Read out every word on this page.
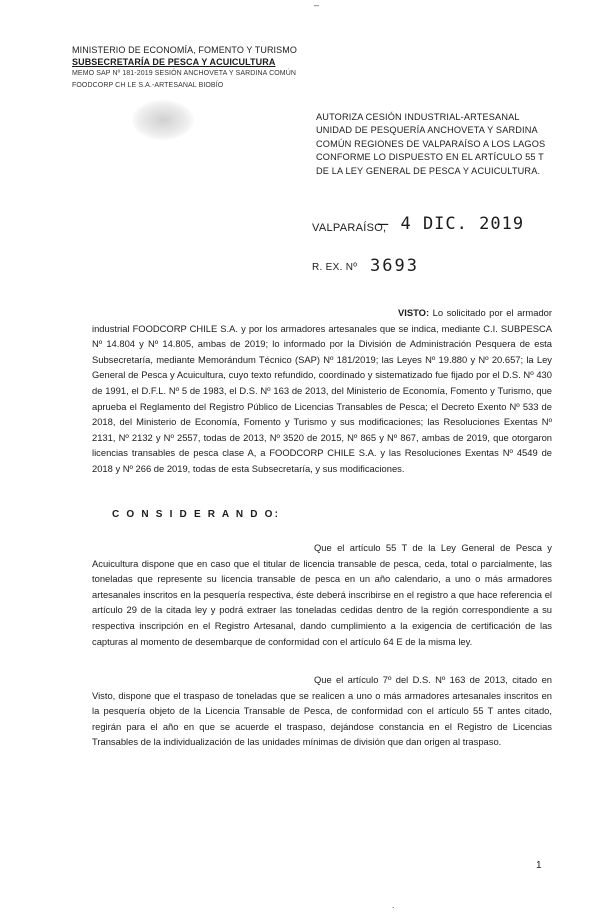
–
MINISTERIO DE ECONOMÍA, FOMENTO Y TURISMO
SUBSECRETARÍA DE PESCA Y ACUICULTURA
MEMO SAP Nº 181-2019 SESIÓN ANCHOVETA Y SARDINA COMÚN
FOODCORP CH LE S.A.-ARTESANAL BIOBÍO
AUTORIZA CESIÓN INDUSTRIAL-ARTESANAL UNIDAD DE PESQUERÍA ANCHOVETA Y SARDINA COMÚN REGIONES DE VALPARAÍSO A LOS LAGOS CONFORME LO DISPUESTO EN EL ARTÍCULO 55 T DE LA LEY GENERAL DE PESCA Y ACUICULTURA.
VALPARAÍSO,
– 4 DIC. 2019
R. EX. Nº 3693
VISTO: Lo solicitado por el armador industrial FOODCORP CHILE S.A. y por los armadores artesanales que se indica, mediante C.I. SUBPESCA Nº 14.804 y Nº 14.805, ambas de 2019; lo informado por la División de Administración Pesquera de esta Subsecretaría, mediante Memorándum Técnico (SAP) Nº 181/2019; las Leyes Nº 19.880 y Nº 20.657; la Ley General de Pesca y Acuicultura, cuyo texto refundido, coordinado y sistematizado fue fijado por el D.S. Nº 430 de 1991, el D.F.L. Nº 5 de 1983, el D.S. Nº 163 de 2013, del Ministerio de Economía, Fomento y Turismo, que aprueba el Reglamento del Registro Público de Licencias Transables de Pesca; el Decreto Exento Nº 533 de 2018, del Ministerio de Economía, Fomento y Turismo y sus modificaciones; las Resoluciones Exentas Nº 2131, Nº 2132 y Nº 2557, todas de 2013, Nº 3520 de 2015, Nº 865 y Nº 867, ambas de 2019, que otorgaron licencias transables de pesca clase A, a FOODCORP CHILE S.A. y las Resoluciones Exentas Nº 4549 de 2018 y Nº 266 de 2019, todas de esta Subsecretaría, y sus modificaciones.
C O N S I D E R A N D O:
Que el artículo 55 T de la Ley General de Pesca y Acuicultura dispone que en caso que el titular de licencia transable de pesca, ceda, total o parcialmente, las toneladas que represente su licencia transable de pesca en un año calendario, a uno o más armadores artesanales inscritos en la pesquería respectiva, éste deberá inscribirse en el registro a que hace referencia el artículo 29 de la citada ley y podrá extraer las toneladas cedidas dentro de la región correspondiente a su respectiva inscripción en el Registro Artesanal, dando cumplimiento a la exigencia de certificación de las capturas al momento de desembarque de conformidad con el artículo 64 E de la misma ley.
Que el artículo 7º del D.S. Nº 163 de 2013, citado en Visto, dispone que el traspaso de toneladas que se realicen a uno o más armadores artesanales inscritos en la pesquería objeto de la Licencia Transable de Pesca, de conformidad con el artículo 55 T antes citado, regirán para el año en que se acuerde el traspaso, dejándose constancia en el Registro de Licencias Transables de la individualización de las unidades mínimas de división que dan origen al traspaso.
1
.
